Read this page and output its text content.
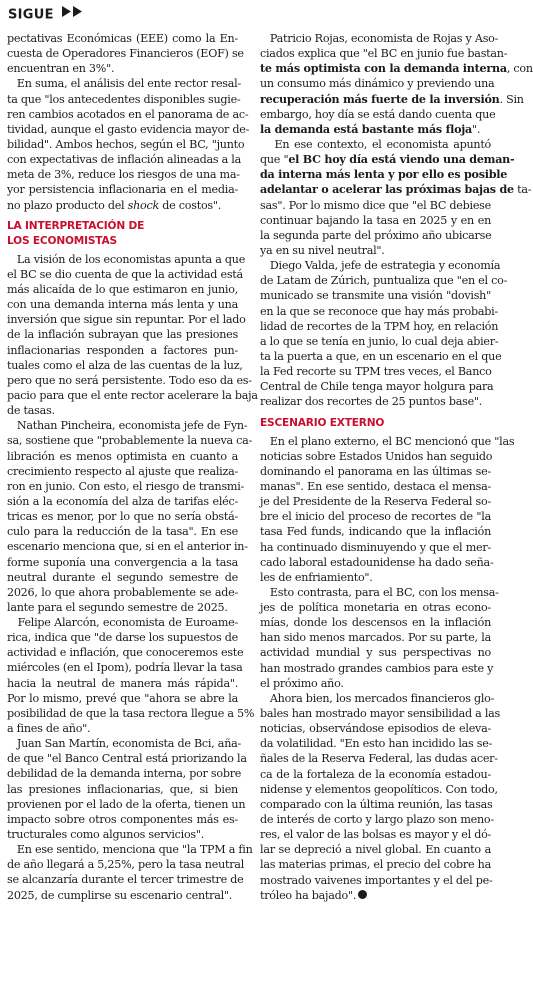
SIGUE
pectativas Económicas (EEE) como la En-
cuesta de Operadores Financieros (EOF) se
encuentran en 3%".
En suma, el análisis del ente rector resal-
ta que "los antecedentes disponibles sugie-
ren cambios acotados en el panorama de ac-
tividad, aunque el gasto evidencia mayor de-
bilidad". Ambos hechos, según el BC, "junto
con expectativas de inflación alineadas a la
meta de 3%, reduce los riesgos de una ma-
yor persistencia inflacionaria en el media-
no plazo producto del shock de costos".
LA INTERPRETACIÓN DE
LOS ECONOMISTAS
La visión de los economistas apunta a que
el BC se dio cuenta de que la actividad está
más alicaída de lo que estimaron en junio,
con una demanda interna más lenta y una
inversión que sigue sin repuntar. Por el lado
de la inflación subrayan que las presiones
inflacionarias responden a factores pun-
tuales como el alza de las cuentas de la luz,
pero que no será persistente. Todo eso da es-
pacio para que el ente rector acelerare la baja
de tasas.
Nathan Pincheira, economista jefe de Fyn-
sa, sostiene que "probablemente la nueva ca-
libración es menos optimista en cuanto a
crecimiento respecto al ajuste que realiza-
ron en junio. Con esto, el riesgo de transmi-
sión a la economía del alza de tarifas eléc-
tricas es menor, por lo que no sería obstá-
culo para la reducción de la tasa". En ese
escenario menciona que, si en el anterior in-
forme suponía una convergencia a la tasa
neutral durante el segundo semestre de
2026, lo que ahora probablemente se ade-
lante para el segundo semestre de 2025.
Felipe Alarcón, economista de Euroame-
rica, indica que "de darse los supuestos de
actividad e inflación, que conoceremos este
miércoles (en el Ipom), podría llevar la tasa
hacia la neutral de manera más rápida".
Por lo mismo, prevé que "ahora se abre la
posibilidad de que la tasa rectora llegue a 5%
a fines de año".
Juan San Martín, economista de Bci, aña-
de que "el Banco Central está priorizando la
debilidad de la demanda interna, por sobre
las presiones inflacionarias, que, si bien
provienen por el lado de la oferta, tienen un
impacto sobre otros componentes más es-
tructurales como algunos servicios".
En ese sentido, menciona que "la TPM a fin
de año llegará a 5,25%, pero la tasa neutral
se alcanzaría durante el tercer trimestre de
2025, de cumplirse su escenario central".
Patricio Rojas, economista de Rojas y Aso-
ciados explica que "el BC en junio fue bastan-
te más optimista con la demanda interna, con
un consumo más dinámico y previendo una
recuperación más fuerte de la inversión. Sin
embargo, hoy día se está dando cuenta que
la demanda está bastante más floja".
En ese contexto, el economista apuntó
que "el BC hoy día está viendo una deman-
da interna más lenta y por ello es posible
adelantar o acelerar las próximas bajas de ta-
sas". Por lo mismo dice que "el BC debiese
continuar bajando la tasa en 2025 y en en
la segunda parte del próximo año ubicarse
ya en su nivel neutral".
Diego Valda, jefe de estrategia y economía
de Latam de Zúrich, puntualiza que "en el co-
municado se transmite una visión "dovish"
en la que se reconoce que hay más probabi-
lidad de recortes de la TPM hoy, en relación
a lo que se tenía en junio, lo cual deja abier-
ta la puerta a que, en un escenario en el que
la Fed recorte su TPM tres veces, el Banco
Central de Chile tenga mayor holgura para
realizar dos recortes de 25 puntos base".
ESCENARIO EXTERNO
En el plano externo, el BC mencionó que "las
noticias sobre Estados Unidos han seguido
dominando el panorama en las últimas se-
manas". En ese sentido, destaca el mensa-
je del Presidente de la Reserva Federal so-
bre el inicio del proceso de recortes de "la
tasa Fed funds, indicando que la inflación
ha continuado disminuyendo y que el mer-
cado laboral estadounidense ha dado seña-
les de enfriamiento".
Esto contrasta, para el BC, con los mensa-
jes de política monetaria en otras econo-
mías, donde los descensos en la inflación
han sido menos marcados. Por su parte, la
actividad mundial y sus perspectivas no
han mostrado grandes cambios para este y
el próximo año.
Ahora bien, los mercados financieros glo-
bales han mostrado mayor sensibilidad a las
noticias, observándose episodios de eleva-
da volatilidad. "En esto han incidido las se-
ñales de la Reserva Federal, las dudas acer-
ca de la fortaleza de la economía estadou-
nidense y elementos geopolíticos. Con todo,
comparado con la última reunión, las tasas
de interés de corto y largo plazo son meno-
res, el valor de las bolsas es mayor y el dó-
lar se depreció a nivel global. En cuanto a
las materias primas, el precio del cobre ha
mostrado vaivenes importantes y el del pe-
tróleo ha bajado".
